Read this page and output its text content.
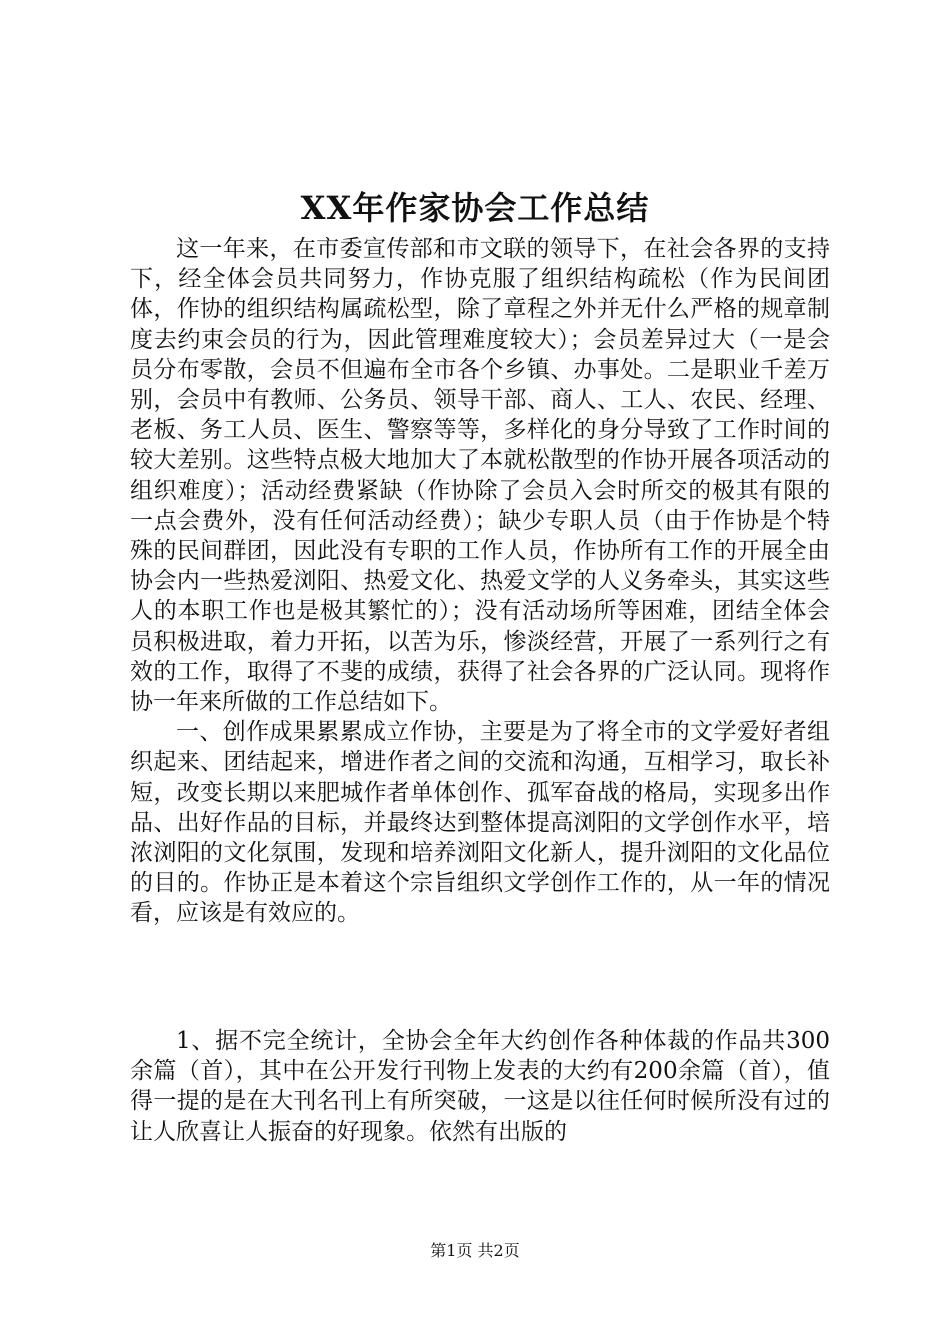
XX年作家协会工作总结

这一年来，在市委宣传部和市文联的领导下，在社会各界的支持下，经全体会员共同努力，作协克服了组织结构疏松（作为民间团体，作协的组织结构属疏松型，除了章程之外并无什么严格的规章制度去约束会员的行为，因此管理难度较大）；会员差异过大（一是会员分布零散，会员不但遍布全市各个乡镇、办事处。二是职业千差万别，会员中有教师、公务员、领导干部、商人、工人、农民、经理、老板、务工人员、医生、警察等等，多样化的身分导致了工作时间的较大差别。这些特点极大地加大了本就松散型的作协开展各项活动的组织难度）；活动经费紧缺（作协除了会员入会时所交的极其有限的一点会费外，没有任何活动经费）；缺少专职人员（由于作协是个特殊的民间群团，因此没有专职的工作人员，作协所有工作的开展全由协会内一些热爱浏阳、热爱文化、热爱文学的人义务牵头，其实这些人的本职工作也是极其繁忙的）；没有活动场所等困难，团结全体会员积极进取，着力开拓，以苦为乐，惨淡经营，开展了一系列行之有效的工作，取得了不斐的成绩，获得了社会各界的广泛认同。现将作协一年来所做的工作总结如下。

一、创作成果累累成立作协，主要是为了将全市的文学爱好者组织起来、团结起来，增进作者之间的交流和沟通，互相学习，取长补短，改变长期以来肥城作者单体创作、孤军奋战的格局，实现多出作品、出好作品的目标，并最终达到整体提高浏阳的文学创作水平，培浓浏阳的文化氛围，发现和培养浏阳文化新人，提升浏阳的文化品位的目的。作协正是本着这个宗旨组织文学创作工作的，从一年的情况看，应该是有效应的。

1、据不完全统计，全协会全年大约创作各种体裁的作品共300余篇（首），其中在公开发行刊物上发表的大约有200余篇（首），值得一提的是在大刊名刊上有所突破，一这是以往任何时候所没有过的让人欣喜让人振奋的好现象。依然有出版的

第1页 共2页
